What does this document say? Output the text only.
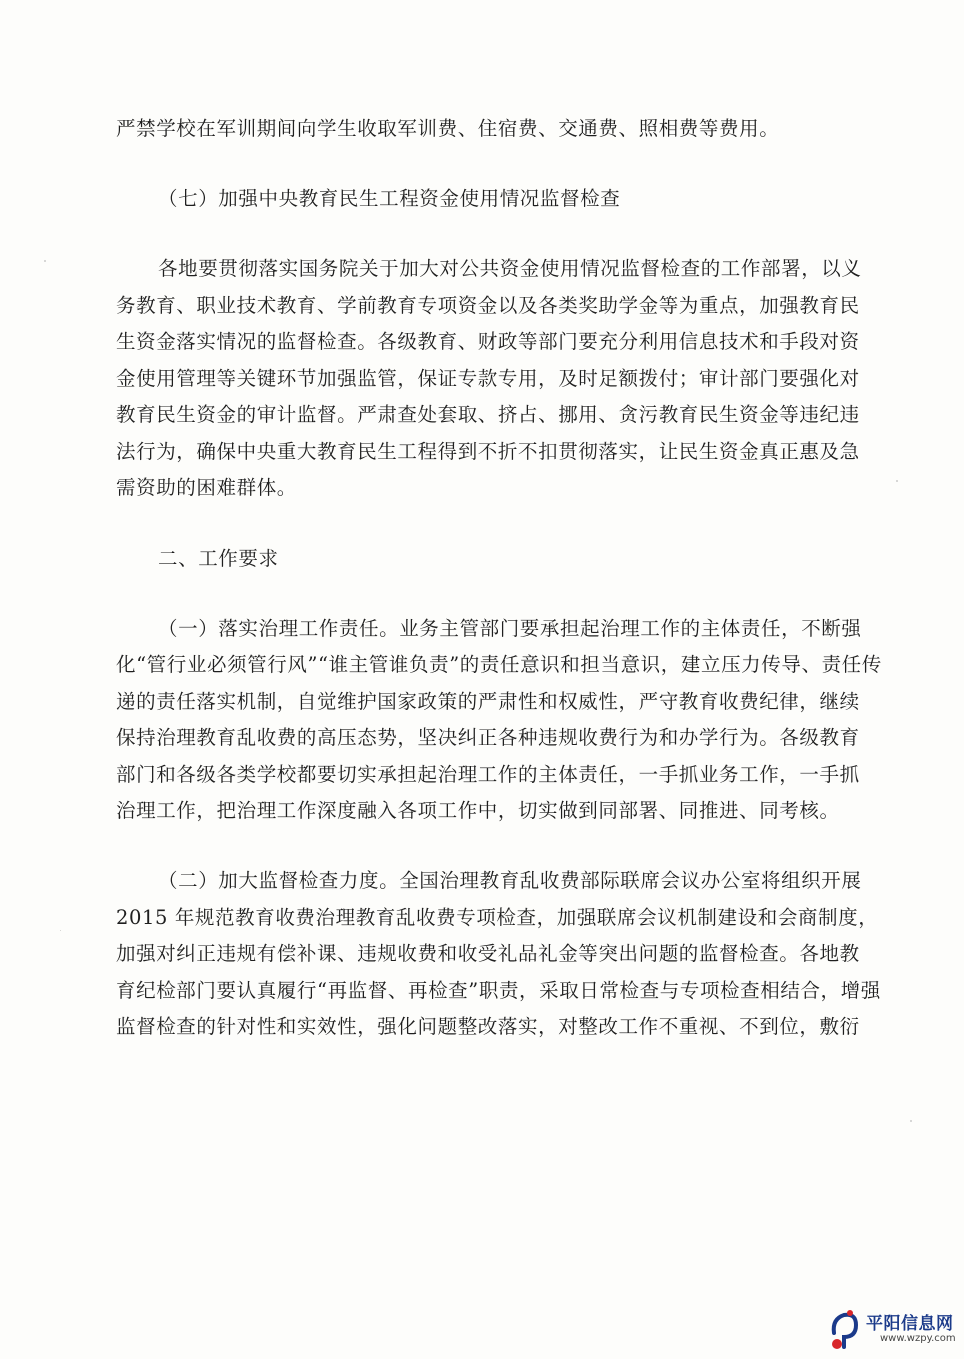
严禁学校在军训期间向学生收取军训费、住宿费、交通费、照相费等费用。
（七）加强中央教育民生工程资金使用情况监督检查
各地要贯彻落实国务院关于加大对公共资金使用情况监督检查的工作部署，以义
务教育、职业技术教育、学前教育专项资金以及各类奖助学金等为重点，加强教育民
生资金落实情况的监督检查。各级教育、财政等部门要充分利用信息技术和手段对资
金使用管理等关键环节加强监管，保证专款专用，及时足额拨付；审计部门要强化对
教育民生资金的审计监督。严肃查处套取、挤占、挪用、贪污教育民生资金等违纪违
法行为，确保中央重大教育民生工程得到不折不扣贯彻落实，让民生资金真正惠及急
需资助的困难群体。
二、工作要求
（一）落实治理工作责任。业务主管部门要承担起治理工作的主体责任，不断强
化“管行业必须管行风”“谁主管谁负责”的责任意识和担当意识，建立压力传导、责任传
递的责任落实机制，自觉维护国家政策的严肃性和权威性，严守教育收费纪律，继续
保持治理教育乱收费的高压态势，坚决纠正各种违规收费行为和办学行为。各级教育
部门和各级各类学校都要切实承担起治理工作的主体责任，一手抓业务工作，一手抓
治理工作，把治理工作深度融入各项工作中，切实做到同部署、同推进、同考核。
（二）加大监督检查力度。全国治理教育乱收费部际联席会议办公室将组织开展
2015 年规范教育收费治理教育乱收费专项检查，加强联席会议机制建设和会商制度，
加强对纠正违规有偿补课、违规收费和收受礼品礼金等突出问题的监督检查。各地教
育纪检部门要认真履行“再监督、再检查”职责，采取日常检查与专项检查相结合，增强
监督检查的针对性和实效性，强化问题整改落实，对整改工作不重视、不到位，敷衍
平阳信息网
www.wzpy.com
